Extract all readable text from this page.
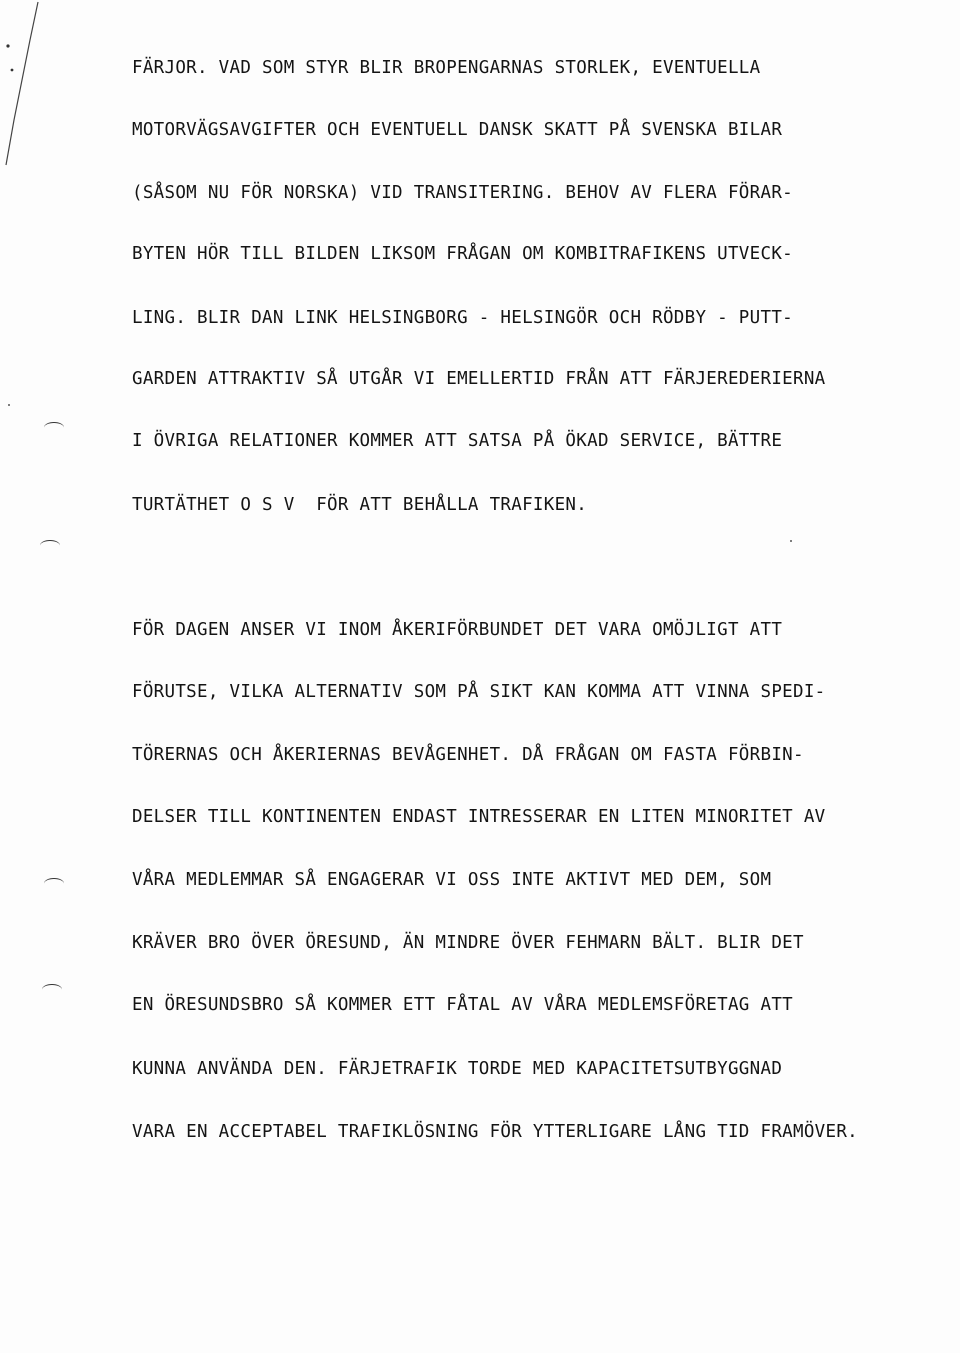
FÄRJOR. VAD SOM STYR BLIR BROPENGARNAS STORLEK, EVENTUELLA

MOTORVÄGSAVGIFTER OCH EVENTUELL DANSK SKATT PÅ SVENSKA BILAR

(SÅSOM NU FÖR NORSKA) VID TRANSITERING. BEHOV AV FLERA FÖRAR-

BYTEN HÖR TILL BILDEN LIKSOM FRÅGAN OM KOMBITRAFIKENS UTVECK-

LING. BLIR DAN LINK HELSINGBORG - HELSINGÖR OCH RÖDBY - PUTT-

GARDEN ATTRAKTIV SÅ UTGÅR VI EMELLERTID FRÅN ATT FÄRJEREDERIERNA

I ÖVRIGA RELATIONER KOMMER ATT SATSA PÅ ÖKAD SERVICE, BÄTTRE

TURTÄTHET O S V  FÖR ATT BEHÅLLA TRAFIKEN.

FÖR DAGEN ANSER VI INOM ÅKERIFÖRBUNDET DET VARA OMÖJLIGT ATT

FÖRUTSE, VILKA ALTERNATIV SOM PÅ SIKT KAN KOMMA ATT VINNA SPEDI-

TÖRERNAS OCH ÅKERIERNAS BEVÅGENHET. DÅ FRÅGAN OM FASTA FÖRBIN-

DELSER TILL KONTINENTEN ENDAST INTRESSERAR EN LITEN MINORITET AV

VÅRA MEDLEMMAR SÅ ENGAGERAR VI OSS INTE AKTIVT MED DEM, SOM

KRÄVER BRO ÖVER ÖRESUND, ÄN MINDRE ÖVER FEHMARN BÄLT. BLIR DET

EN ÖRESUNDSBRO SÅ KOMMER ETT FÅTAL AV VÅRA MEDLEMSFÖRETAG ATT

KUNNA ANVÄNDA DEN. FÄRJETRAFIK TORDE MED KAPACITETSUTBYGGNAD

VARA EN ACCEPTABEL TRAFIKLÖSNING FÖR YTTERLIGARE LÅNG TID FRAMÖVER.
